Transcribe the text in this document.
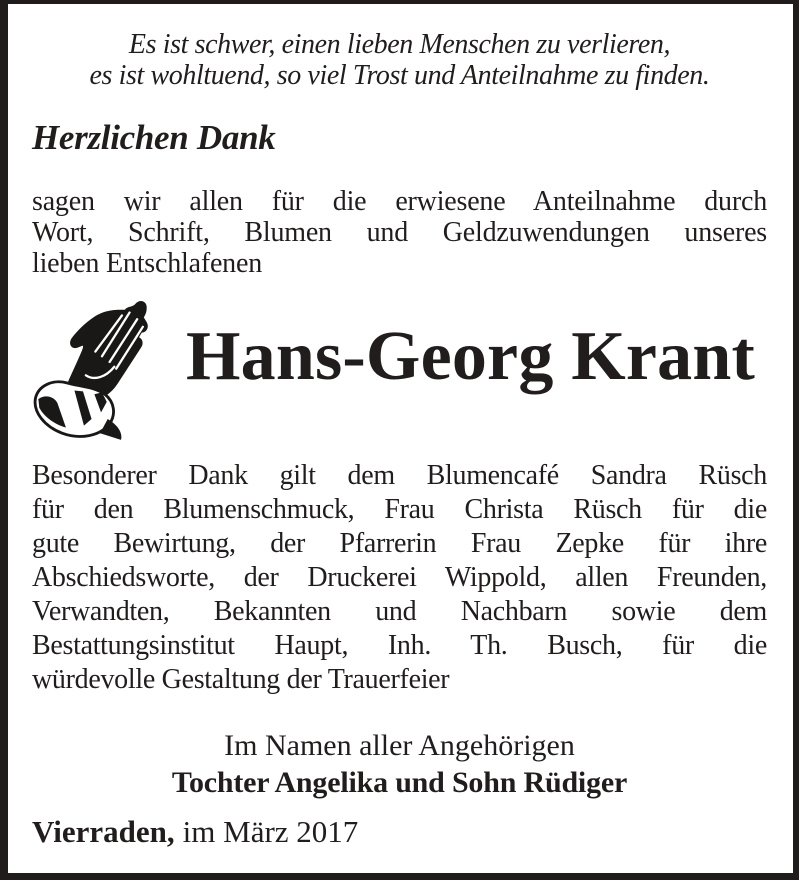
Es ist schwer, einen lieben Menschen zu verlieren,
es ist wohltuend, so viel Trost und Anteilnahme zu finden.
Herzlichen Dank
sagen wir allen für die erwiesene Anteilnahme durch
Wort, Schrift, Blumen und Geldzuwendungen unseres
lieben Entschlafenen
Hans-Georg Krant
Besonderer Dank gilt dem Blumencafé Sandra Rüsch
für den Blumenschmuck, Frau Christa Rüsch für die
gute Bewirtung, der Pfarrerin Frau Zepke für ihre
Abschiedsworte, der Druckerei Wippold, allen Freunden,
Verwandten, Bekannten und Nachbarn sowie dem
Bestattungsinstitut Haupt, Inh. Th. Busch, für die
würdevolle Gestaltung der Trauerfeier
Im Namen aller Angehörigen
Tochter Angelika und Sohn Rüdiger
Vierraden, im März 2017
